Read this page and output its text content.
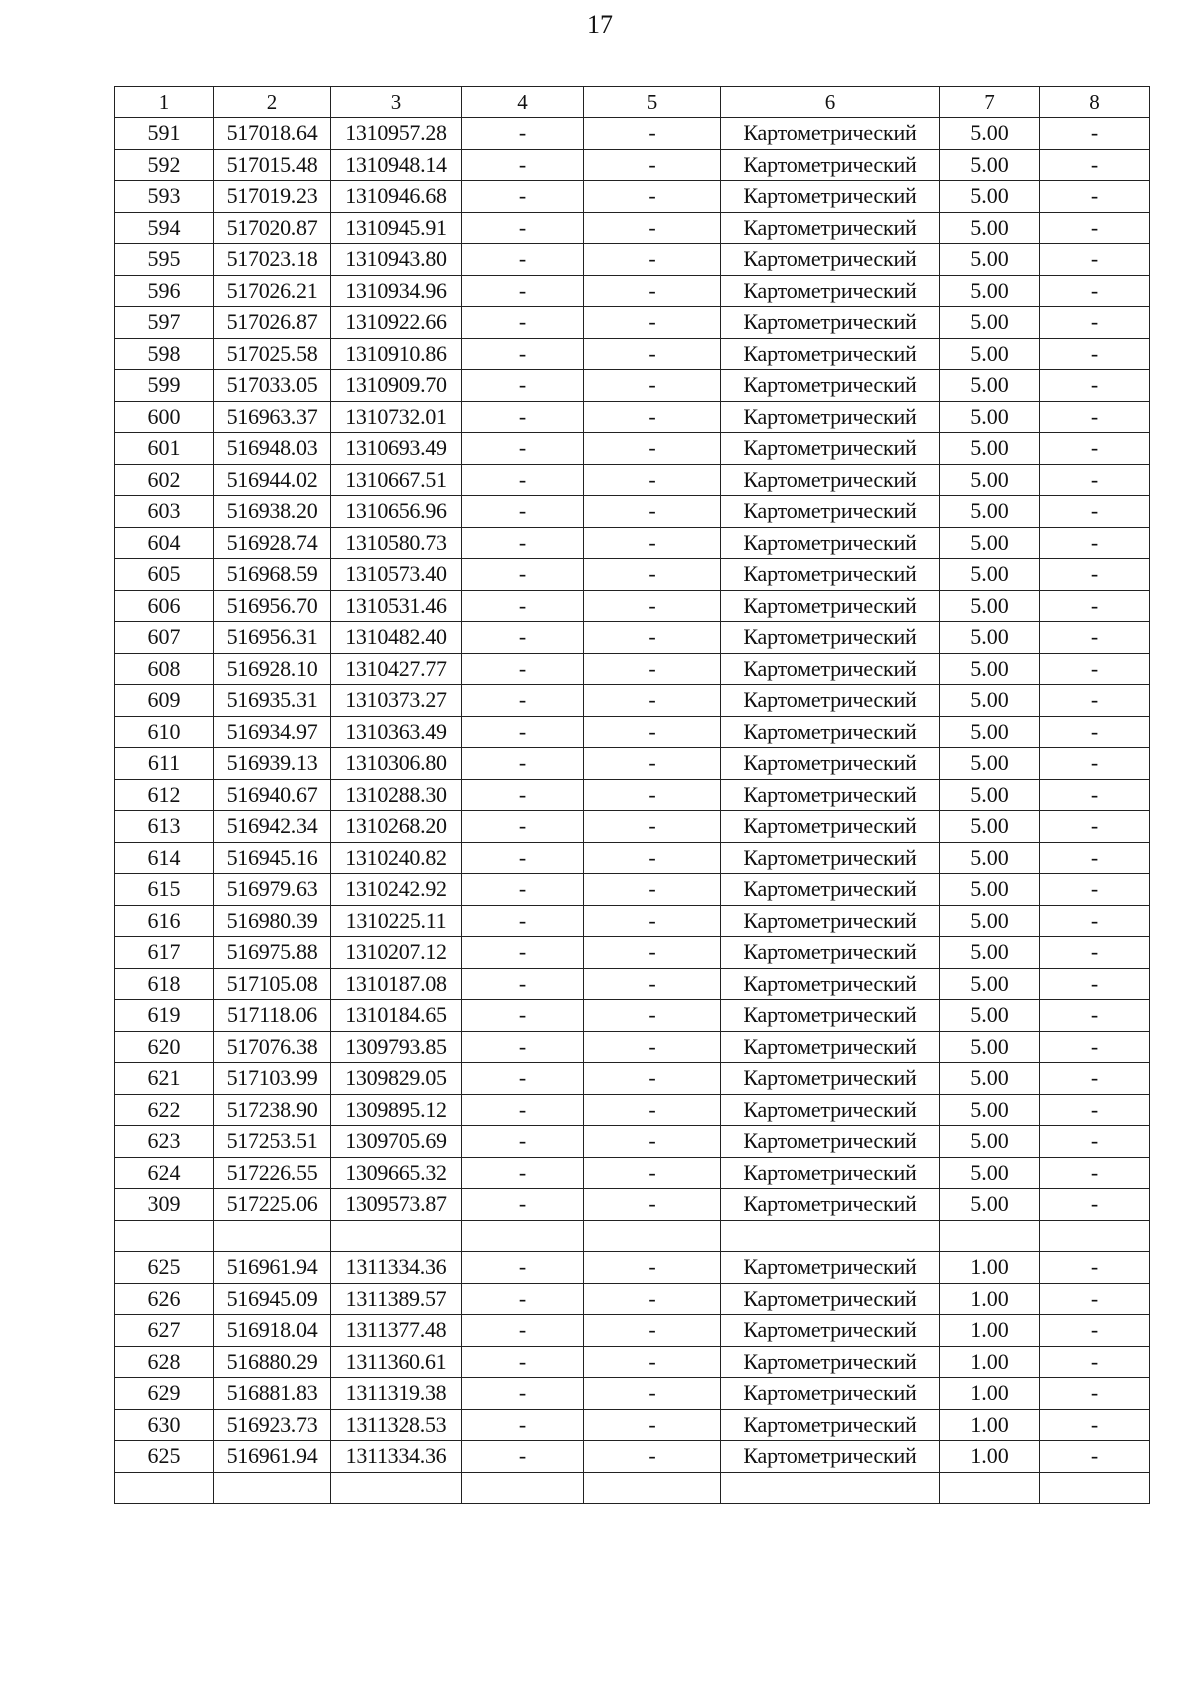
17
1	2	3	4	5	6	7	8
591	517018.64	1310957.28	-	-	Картометрический	5.00	-
592	517015.48	1310948.14	-	-	Картометрический	5.00	-
593	517019.23	1310946.68	-	-	Картометрический	5.00	-
594	517020.87	1310945.91	-	-	Картометрический	5.00	-
595	517023.18	1310943.80	-	-	Картометрический	5.00	-
596	517026.21	1310934.96	-	-	Картометрический	5.00	-
597	517026.87	1310922.66	-	-	Картометрический	5.00	-
598	517025.58	1310910.86	-	-	Картометрический	5.00	-
599	517033.05	1310909.70	-	-	Картометрический	5.00	-
600	516963.37	1310732.01	-	-	Картометрический	5.00	-
601	516948.03	1310693.49	-	-	Картометрический	5.00	-
602	516944.02	1310667.51	-	-	Картометрический	5.00	-
603	516938.20	1310656.96	-	-	Картометрический	5.00	-
604	516928.74	1310580.73	-	-	Картометрический	5.00	-
605	516968.59	1310573.40	-	-	Картометрический	5.00	-
606	516956.70	1310531.46	-	-	Картометрический	5.00	-
607	516956.31	1310482.40	-	-	Картометрический	5.00	-
608	516928.10	1310427.77	-	-	Картометрический	5.00	-
609	516935.31	1310373.27	-	-	Картометрический	5.00	-
610	516934.97	1310363.49	-	-	Картометрический	5.00	-
611	516939.13	1310306.80	-	-	Картометрический	5.00	-
612	516940.67	1310288.30	-	-	Картометрический	5.00	-
613	516942.34	1310268.20	-	-	Картометрический	5.00	-
614	516945.16	1310240.82	-	-	Картометрический	5.00	-
615	516979.63	1310242.92	-	-	Картометрический	5.00	-
616	516980.39	1310225.11	-	-	Картометрический	5.00	-
617	516975.88	1310207.12	-	-	Картометрический	5.00	-
618	517105.08	1310187.08	-	-	Картометрический	5.00	-
619	517118.06	1310184.65	-	-	Картометрический	5.00	-
620	517076.38	1309793.85	-	-	Картометрический	5.00	-
621	517103.99	1309829.05	-	-	Картометрический	5.00	-
622	517238.90	1309895.12	-	-	Картометрический	5.00	-
623	517253.51	1309705.69	-	-	Картометрический	5.00	-
624	517226.55	1309665.32	-	-	Картометрический	5.00	-
309	517225.06	1309573.87	-	-	Картометрический	5.00	-

625	516961.94	1311334.36	-	-	Картометрический	1.00	-
626	516945.09	1311389.57	-	-	Картометрический	1.00	-
627	516918.04	1311377.48	-	-	Картометрический	1.00	-
628	516880.29	1311360.61	-	-	Картометрический	1.00	-
629	516881.83	1311319.38	-	-	Картометрический	1.00	-
630	516923.73	1311328.53	-	-	Картометрический	1.00	-
625	516961.94	1311334.36	-	-	Картометрический	1.00	-
